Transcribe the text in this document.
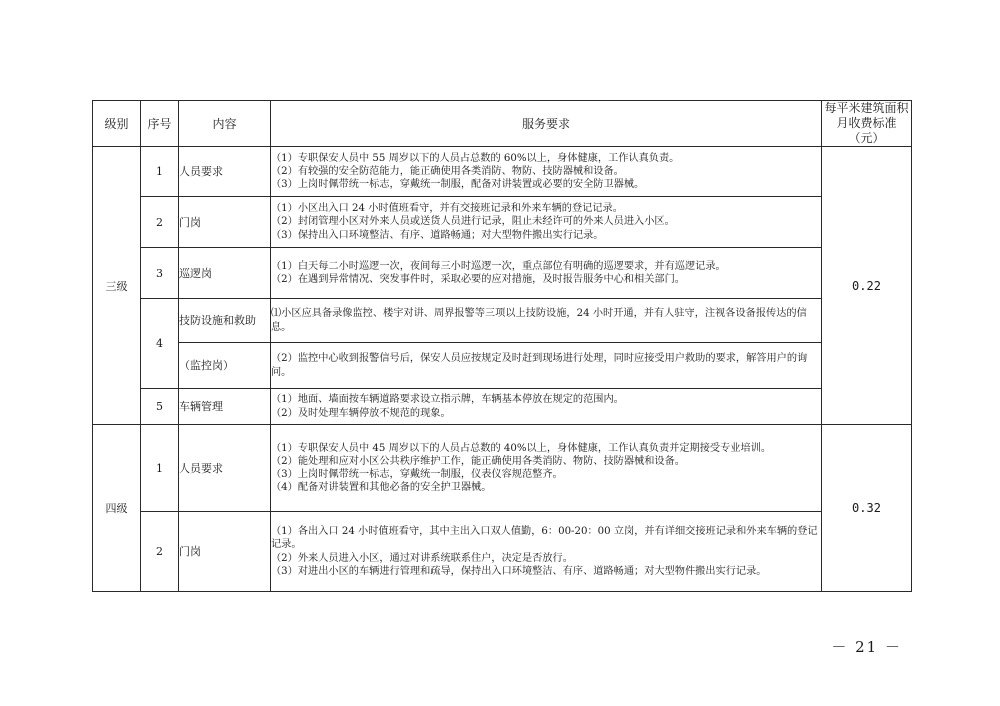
级别	序号	内容	服务要求	每平米建筑面积
月收费标准（元）

三级	1	人员要求	（1）专职保安人员中 55 周岁以下的人员占总数的 60%以上，身体健康，工作认真负责。
（2）有较强的安全防范能力，能正确使用各类消防、物防、技防器械和设备。
（3）上岗时佩带统一标志，穿戴统一制服，配备对讲装置或必要的安全防卫器械。	0.22
	2	门岗	（1）小区出入口 24 小时值班看守，并有交接班记录和外来车辆的登记记录。
（2）封闭管理小区对外来人员或送货人员进行记录，阻止未经许可的外来人员进入小区。
（3）保持出入口环境整洁、有序、道路畅通；对大型物件搬出实行记录。	

	3	巡逻岗	（1）白天每二小时巡逻一次，夜间每三小时巡逻一次，重点部位有明确的巡逻要求，并有巡逻记录。
（2）在遇到异常情况、突发事件时，采取必要的应对措施，及时报告服务中心和相关部门。	

	4	技防设施和救助	⑴小区应具备录像监控、楼宇对讲、周界报警等三项以上技防设施，24 小时开通，并有人驻守，注视各设备报传达的信息。	

		（监控岗）	（2）监控中心收到报警信号后，保安人员应按规定及时赶到现场进行处理，同时应接受用户救助的要求，解答用户的询问。	

	5	车辆管理	（1）地面、墙面按车辆道路要求设立指示牌，车辆基本停放在规定的范围内。
（2）及时处理车辆停放不规范的现象。	

四级	1	人员要求	（1）专职保安人员中 45 周岁以下的人员占总数的 40%以上，身体健康，工作认真负责并定期接受专业培训。
（2）能处理和应对小区公共秩序维护工作，能正确使用各类消防、物防、技防器械和设备。
（3）上岗时佩带统一标志，穿戴统一制服，仪表仪容规范整齐。
（4）配备对讲装置和其他必备的安全护卫器械。	0.32
	2	门岗	（1）各出入口 24 小时值班看守，其中主出入口双人值勤，6：00-20：00 立岗，并有详细交接班记录和外来车辆的登记记录。
（2）外来人员进入小区，通过对讲系统联系住户，决定是否放行。
（3）对进出小区的车辆进行管理和疏导，保持出入口环境整洁、有序、道路畅通；对大型物件搬出实行记录。	
－ 21 －
